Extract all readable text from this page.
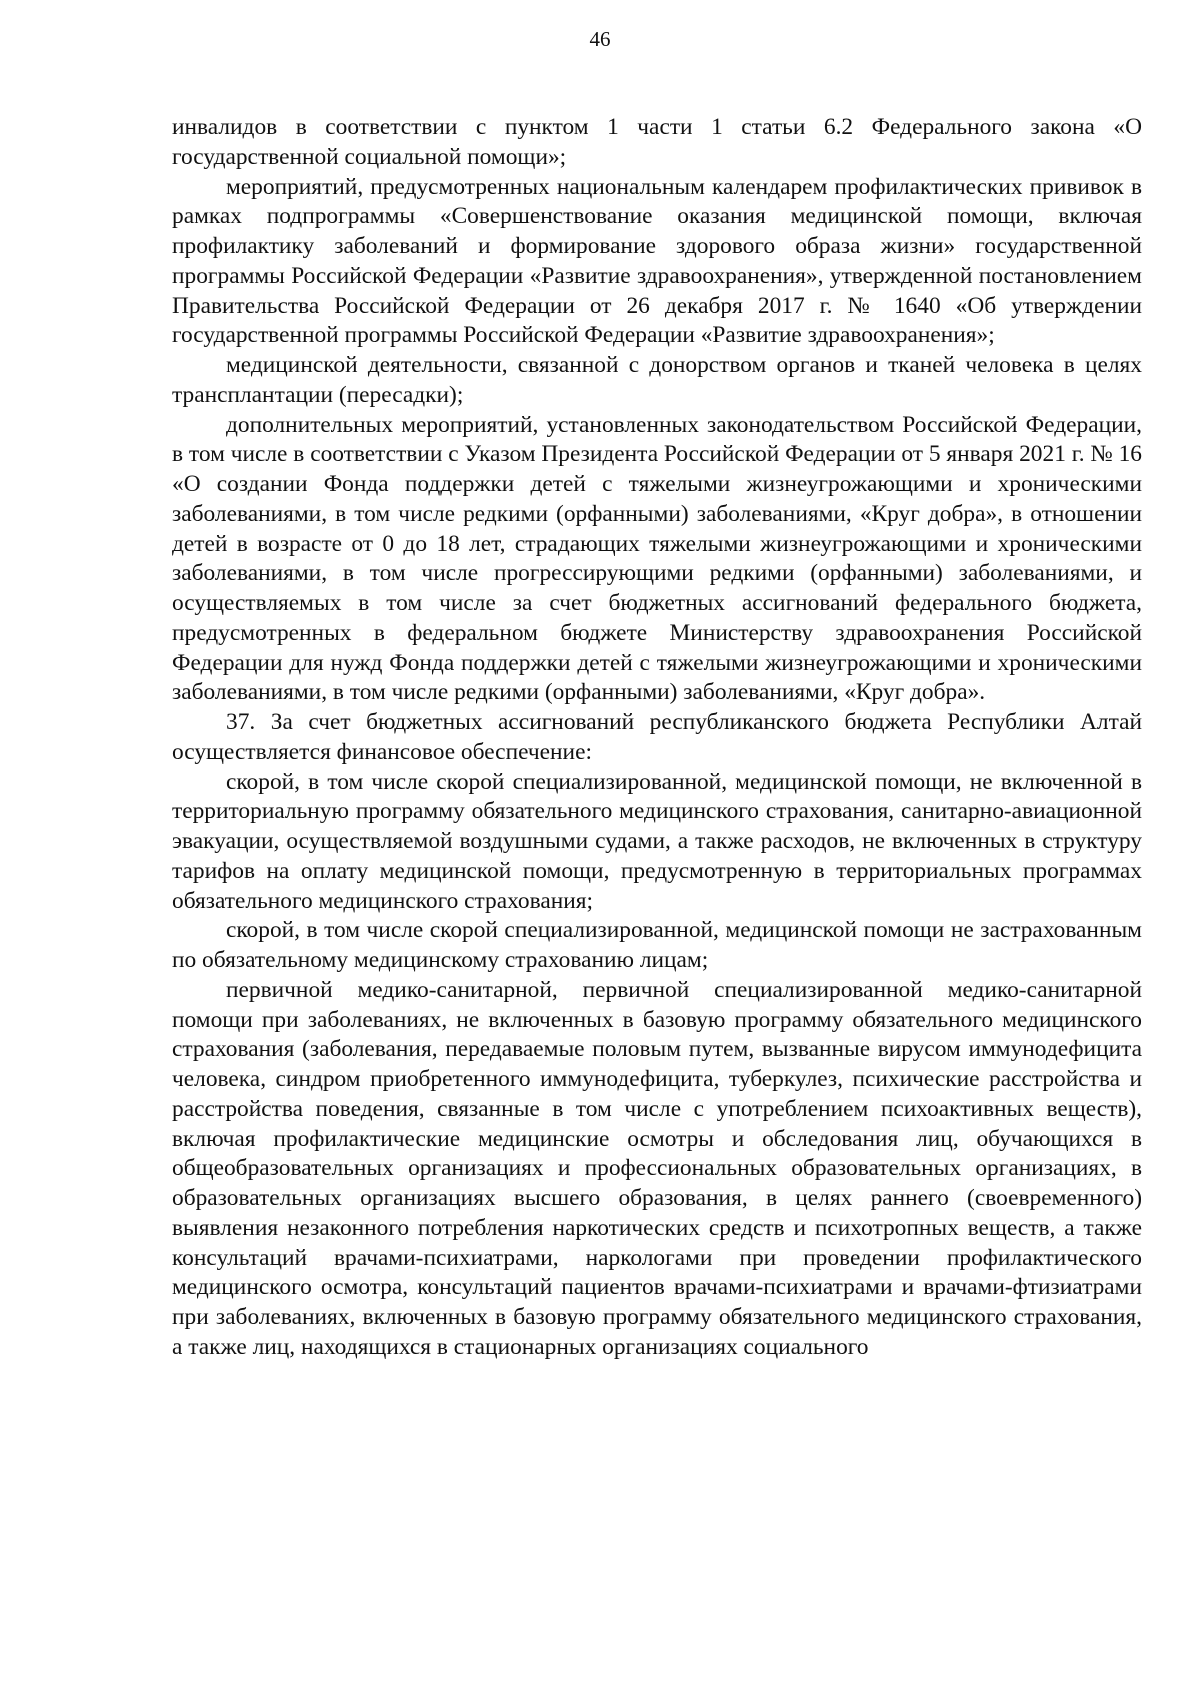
46

инвалидов в соответствии с пунктом 1 части 1 статьи 6.2 Федерального закона «О государственной социальной помощи»;

мероприятий, предусмотренных национальным календарем профилактических прививок в рамках подпрограммы «Совершенствование оказания медицинской помощи, включая профилактику заболеваний и формирование здорового образа жизни» государственной программы Российской Федерации «Развитие здравоохранения», утвержденной постановлением Правительства Российской Федерации от 26 декабря 2017 г. № 1640 «Об утверждении государственной программы Российской Федерации «Развитие здравоохранения»;

медицинской деятельности, связанной с донорством органов и тканей человека в целях трансплантации (пересадки);

дополнительных мероприятий, установленных законодательством Российской Федерации, в том числе в соответствии с Указом Президента Российской Федерации от 5 января 2021 г. № 16 «О создании Фонда поддержки детей с тяжелыми жизнеугрожающими и хроническими заболеваниями, в том числе редкими (орфанными) заболеваниями, «Круг добра», в отношении детей в возрасте от 0 до 18 лет, страдающих тяжелыми жизнеугрожающими и хроническими заболеваниями, в том числе прогрессирующими редкими (орфанными) заболеваниями, и осуществляемых в том числе за счет бюджетных ассигнований федерального бюджета, предусмотренных в федеральном бюджете Министерству здравоохранения Российской Федерации для нужд Фонда поддержки детей с тяжелыми жизнеугрожающими и хроническими заболеваниями, в том числе редкими (орфанными) заболеваниями, «Круг добра».

37. За счет бюджетных ассигнований республиканского бюджета Республики Алтай осуществляется финансовое обеспечение:

скорой, в том числе скорой специализированной, медицинской помощи, не включенной в территориальную программу обязательного медицинского страхования, санитарно-авиационной эвакуации, осуществляемой воздушными судами, а также расходов, не включенных в структуру тарифов на оплату медицинской помощи, предусмотренную в территориальных программах обязательного медицинского страхования;

скорой, в том числе скорой специализированной, медицинской помощи не застрахованным по обязательному медицинскому страхованию лицам;

первичной медико-санитарной, первичной специализированной медико-санитарной помощи при заболеваниях, не включенных в базовую программу обязательного медицинского страхования (заболевания, передаваемые половым путем, вызванные вирусом иммунодефицита человека, синдром приобретенного иммунодефицита, туберкулез, психические расстройства и расстройства поведения, связанные в том числе с употреблением психоактивных веществ), включая профилактические медицинские осмотры и обследования лиц, обучающихся в общеобразовательных организациях и профессиональных образовательных организациях, в образовательных организациях высшего образования, в целях раннего (своевременного) выявления незаконного потребления наркотических средств и психотропных веществ, а также консультаций врачами-психиатрами, наркологами при проведении профилактического медицинского осмотра, консультаций пациентов врачами-психиатрами и врачами-фтизиатрами при заболеваниях, включенных в базовую программу обязательного медицинского страхования, а также лиц, находящихся в стационарных организациях социального
